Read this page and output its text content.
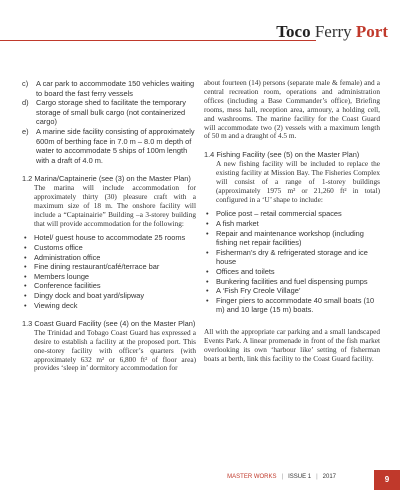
Toco Ferry Port
c) A car park to accommodate 150 vehicles waiting to board the fast ferry vessels
d) Cargo storage shed to facilitate the temporary storage of small bulk cargo (not containerized cargo)
e) A marine side facility consisting of approximately 600m of berthing face in 7.0 m – 8.0 m depth of water to accommodate 5 ships of 100m length with a draft of 4.0 m.
1.2 Marina/Captainerie (see (3) on the Master Plan)
The marina will include accommodation for approximately thirty (30) pleasure craft with a maximum size of 18 m. The onshore facility will include a “Captainairie” Building –a 3-storey building that will provide accommodation for the following:
• Hotel/ guest house to accommodate 25 rooms
• Customs office
• Administration office
• Fine dining restaurant/café/terrace bar
• Members lounge
• Conference facilities
• Dingy dock and boat yard/slipway
• Viewing deck
1.3 Coast Guard Facility (see (4) on the Master Plan)
The Trinidad and Tobago Coast Guard has expressed a desire to establish a facility at the proposed port. This one-storey facility with officer’s quarters (with approximately 632 m² or 6,800 ft² of floor area) provides ‘sleep in’ dormitory accommodation for
about fourteen (14) persons (separate male & female) and a central recreation room, operations and administration offices (including a Base Commander’s office), Briefing rooms, mess hall, reception area, armoury, a holding cell, and washrooms. The marine facility for the Coast Guard will accommodate two (2) vessels with a maximum length of 50 m and a draught of 4.5 m.
1.4 Fishing Facility (see (5) on the Master Plan)
A new fishing facility will be included to replace the existing facility at Mission Bay. The Fisheries Complex will consist of a range of 1-storey buildings (approximately 1975 m² or 21,260 ft² in total) configured in a ‘U’ shape to include:
• Police post – retail commercial spaces
• A fish market
• Repair and maintenance workshop (including fishing net repair facilities)
• Fisherman’s dry & refrigerated storage and ice house
• Offices and toilets
• Bunkering facilities and fuel dispensing pumps
• A ‘Fish Fry Creole Village’
• Finger piers to accommodate 40 small boats (10 m) and 10 large (15 m) boats.
All with the appropriate car parking and a small landscaped Events Park. A linear promenade in front of the fish market overlooking its own ‘harbour like’ setting of fisherman boats at berth, link this facility to the Coast Guard facility.
MASTER WORKS | ISSUE 1 | 2017	9
